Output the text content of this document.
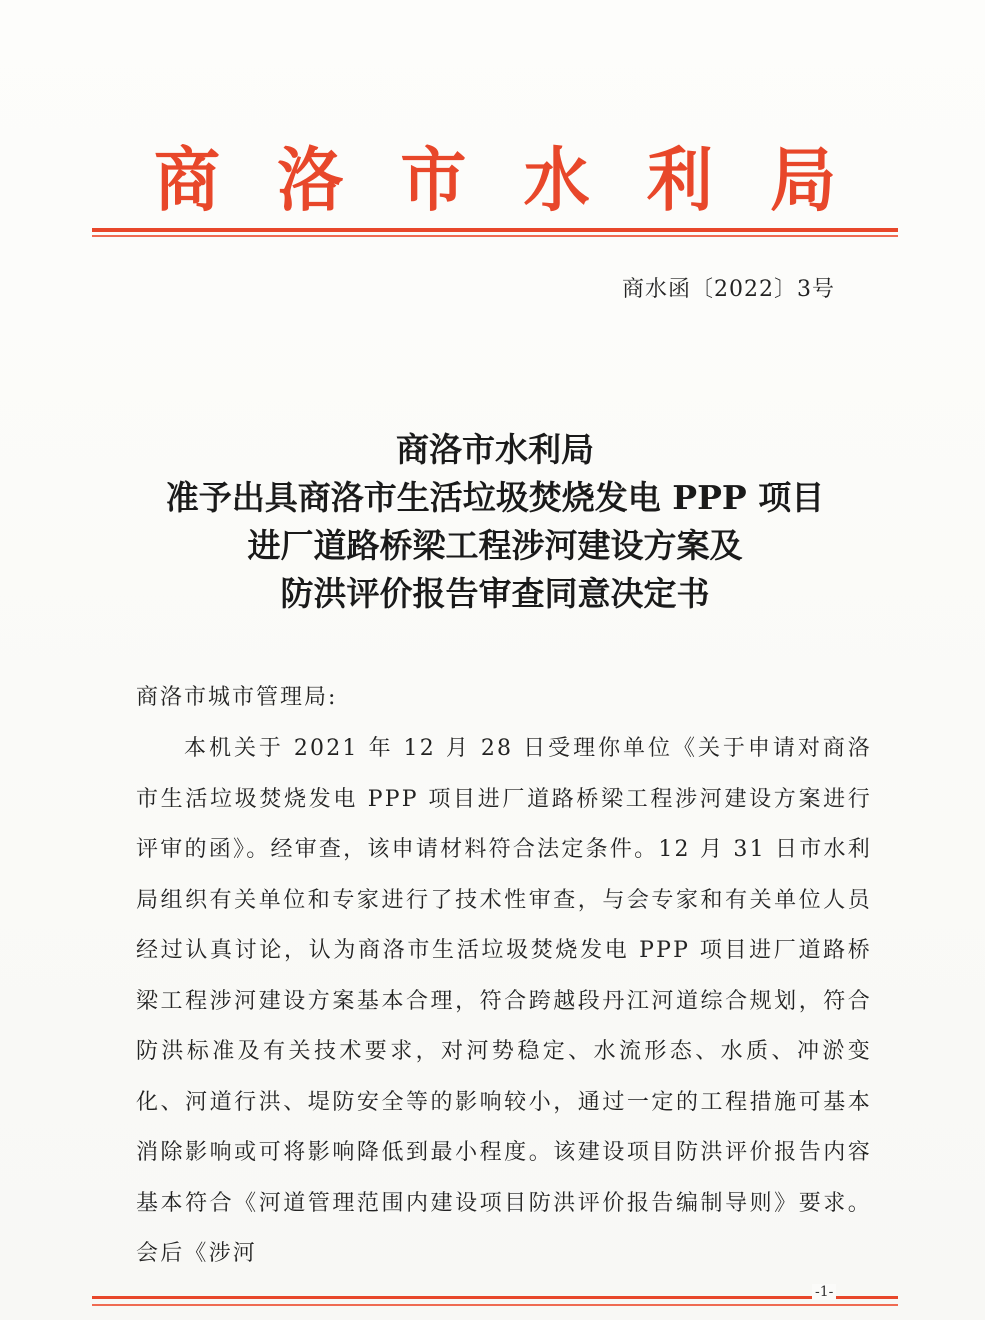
商 洛 市 水 利 局
商水函〔2022〕3号
商洛市水利局
准予出具商洛市生活垃圾焚烧发电 PPP 项目
进厂道路桥梁工程涉河建设方案及
防洪评价报告审查同意决定书
商洛市城市管理局:
本机关于 2021 年 12 月 28 日受理你单位《关于申请对商洛市生活垃圾焚烧发电 PPP 项目进厂道路桥梁工程涉河建设方案进行评审的函》。经审查，该申请材料符合法定条件。12 月 31 日市水利局组织有关单位和专家进行了技术性审查，与会专家和有关单位人员经过认真讨论，认为商洛市生活垃圾焚烧发电 PPP 项目进厂道路桥梁工程涉河建设方案基本合理，符合跨越段丹江河道综合规划，符合防洪标准及有关技术要求，对河势稳定、水流形态、水质、冲淤变化、河道行洪、堤防安全等的影响较小，通过一定的工程措施可基本消除影响或可将影响降低到最小程度。该建设项目防洪评价报告内容基本符合《河道管理范围内建设项目防洪评价报告编制导则》要求。会后《涉河
-1-
